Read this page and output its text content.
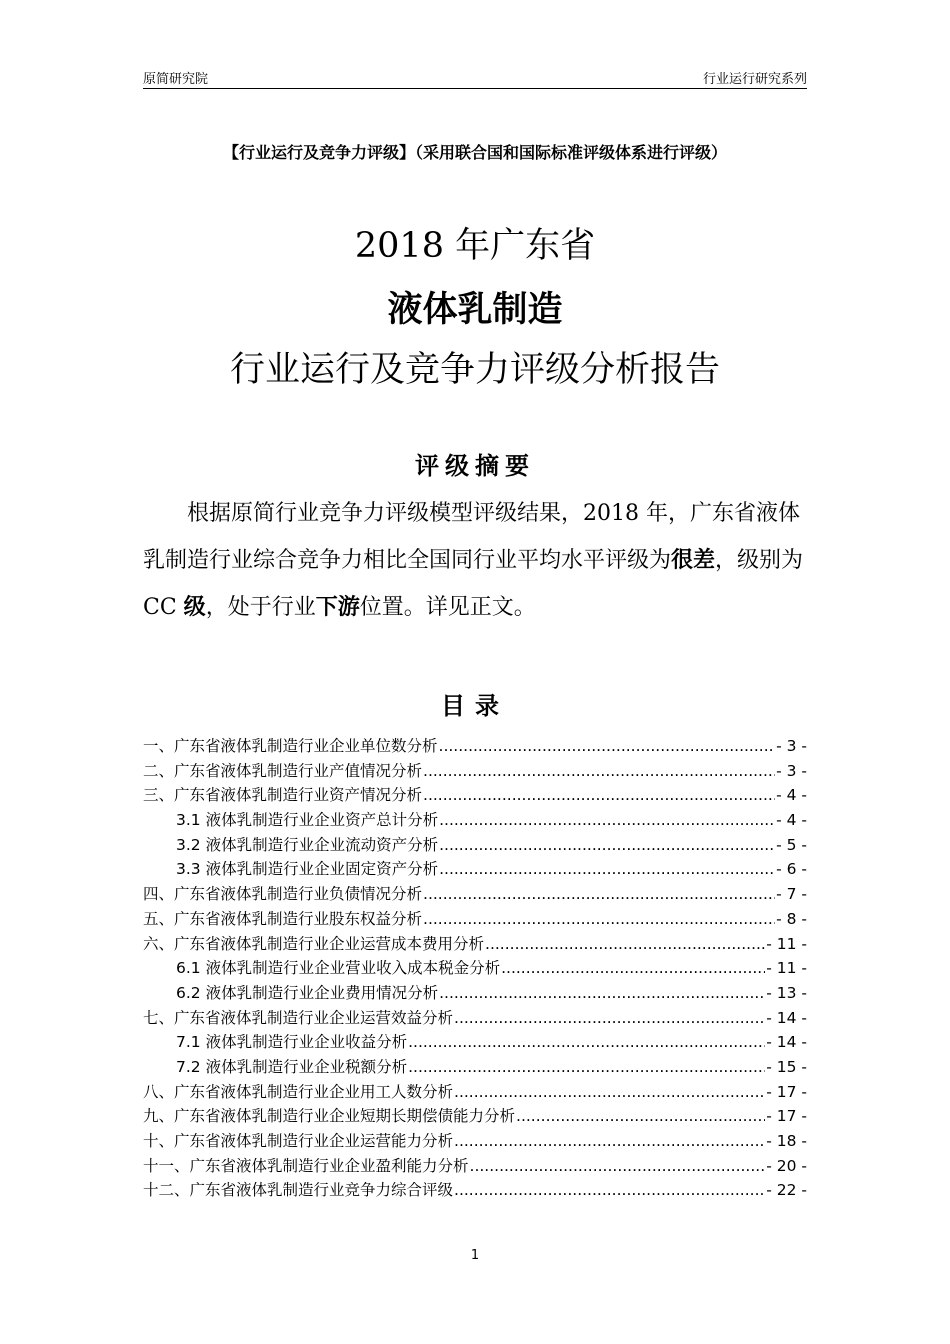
原简研究院	行业运行研究系列
【行业运行及竞争力评级】（采用联合国和国际标准评级体系进行评级）
2018 年广东省
液体乳制造
行业运行及竞争力评级分析报告
评级摘要

根据原简行业竞争力评级模型评级结果，2018 年，广东省液体乳制造行业综合竞争力相比全国同行业平均水平评级为很差，级别为 CC 级，处于行业下游位置。详见正文。

目录
一、广东省液体乳制造行业企业单位数分析 .....	- 3 -
二、广东省液体乳制造行业产值情况分析 .....	- 3 -
三、广东省液体乳制造行业资产情况分析 .....	- 4 -
3.1 液体乳制造行业企业资产总计分析 .....	- 4 -
3.2 液体乳制造行业企业流动资产分析 .....	- 5 -
3.3 液体乳制造行业企业固定资产分析 .....	- 6 -
四、广东省液体乳制造行业负债情况分析 .....	- 7 -
五、广东省液体乳制造行业股东权益分析 .....	- 8 -
六、广东省液体乳制造行业企业运营成本费用分析 .....	- 11 -
6.1 液体乳制造行业企业营业收入成本税金分析 .....	- 11 -
6.2 液体乳制造行业企业费用情况分析 .....	- 13 -
七、广东省液体乳制造行业企业运营效益分析 .....	- 14 -
7.1 液体乳制造行业企业收益分析 .....	- 14 -
7.2 液体乳制造行业企业税额分析 .....	- 15 -
八、广东省液体乳制造行业企业用工人数分析 .....	- 17 -
九、广东省液体乳制造行业企业短期长期偿债能力分析 .....	- 17 -
十、广东省液体乳制造行业企业运营能力分析 .....	- 18 -
十一、广东省液体乳制造行业企业盈利能力分析 .....	- 20 -
十二、广东省液体乳制造行业竞争力综合评级 .....	- 22 -
1
